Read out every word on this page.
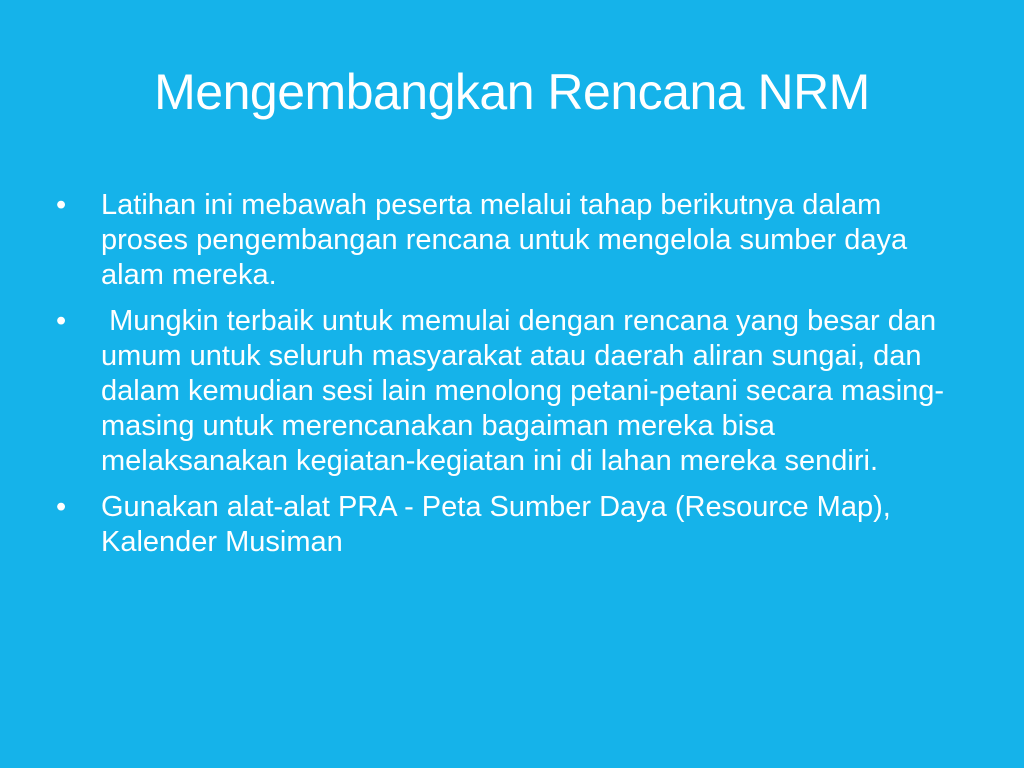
Mengembangkan Rencana NRM
•	Latihan ini mebawah peserta melalui tahap berikutnya dalam proses pengembangan rencana untuk mengelola sumber daya alam mereka.
•	Mungkin terbaik untuk memulai dengan rencana yang besar dan umum untuk seluruh masyarakat atau daerah aliran sungai, dan dalam kemudian sesi lain menolong petani-petani secara masing-masing untuk merencanakan bagaiman mereka bisa melaksanakan kegiatan-kegiatan ini di lahan mereka sendiri.
•	Gunakan alat-alat PRA - Peta Sumber Daya (Resource Map), Kalender Musiman
